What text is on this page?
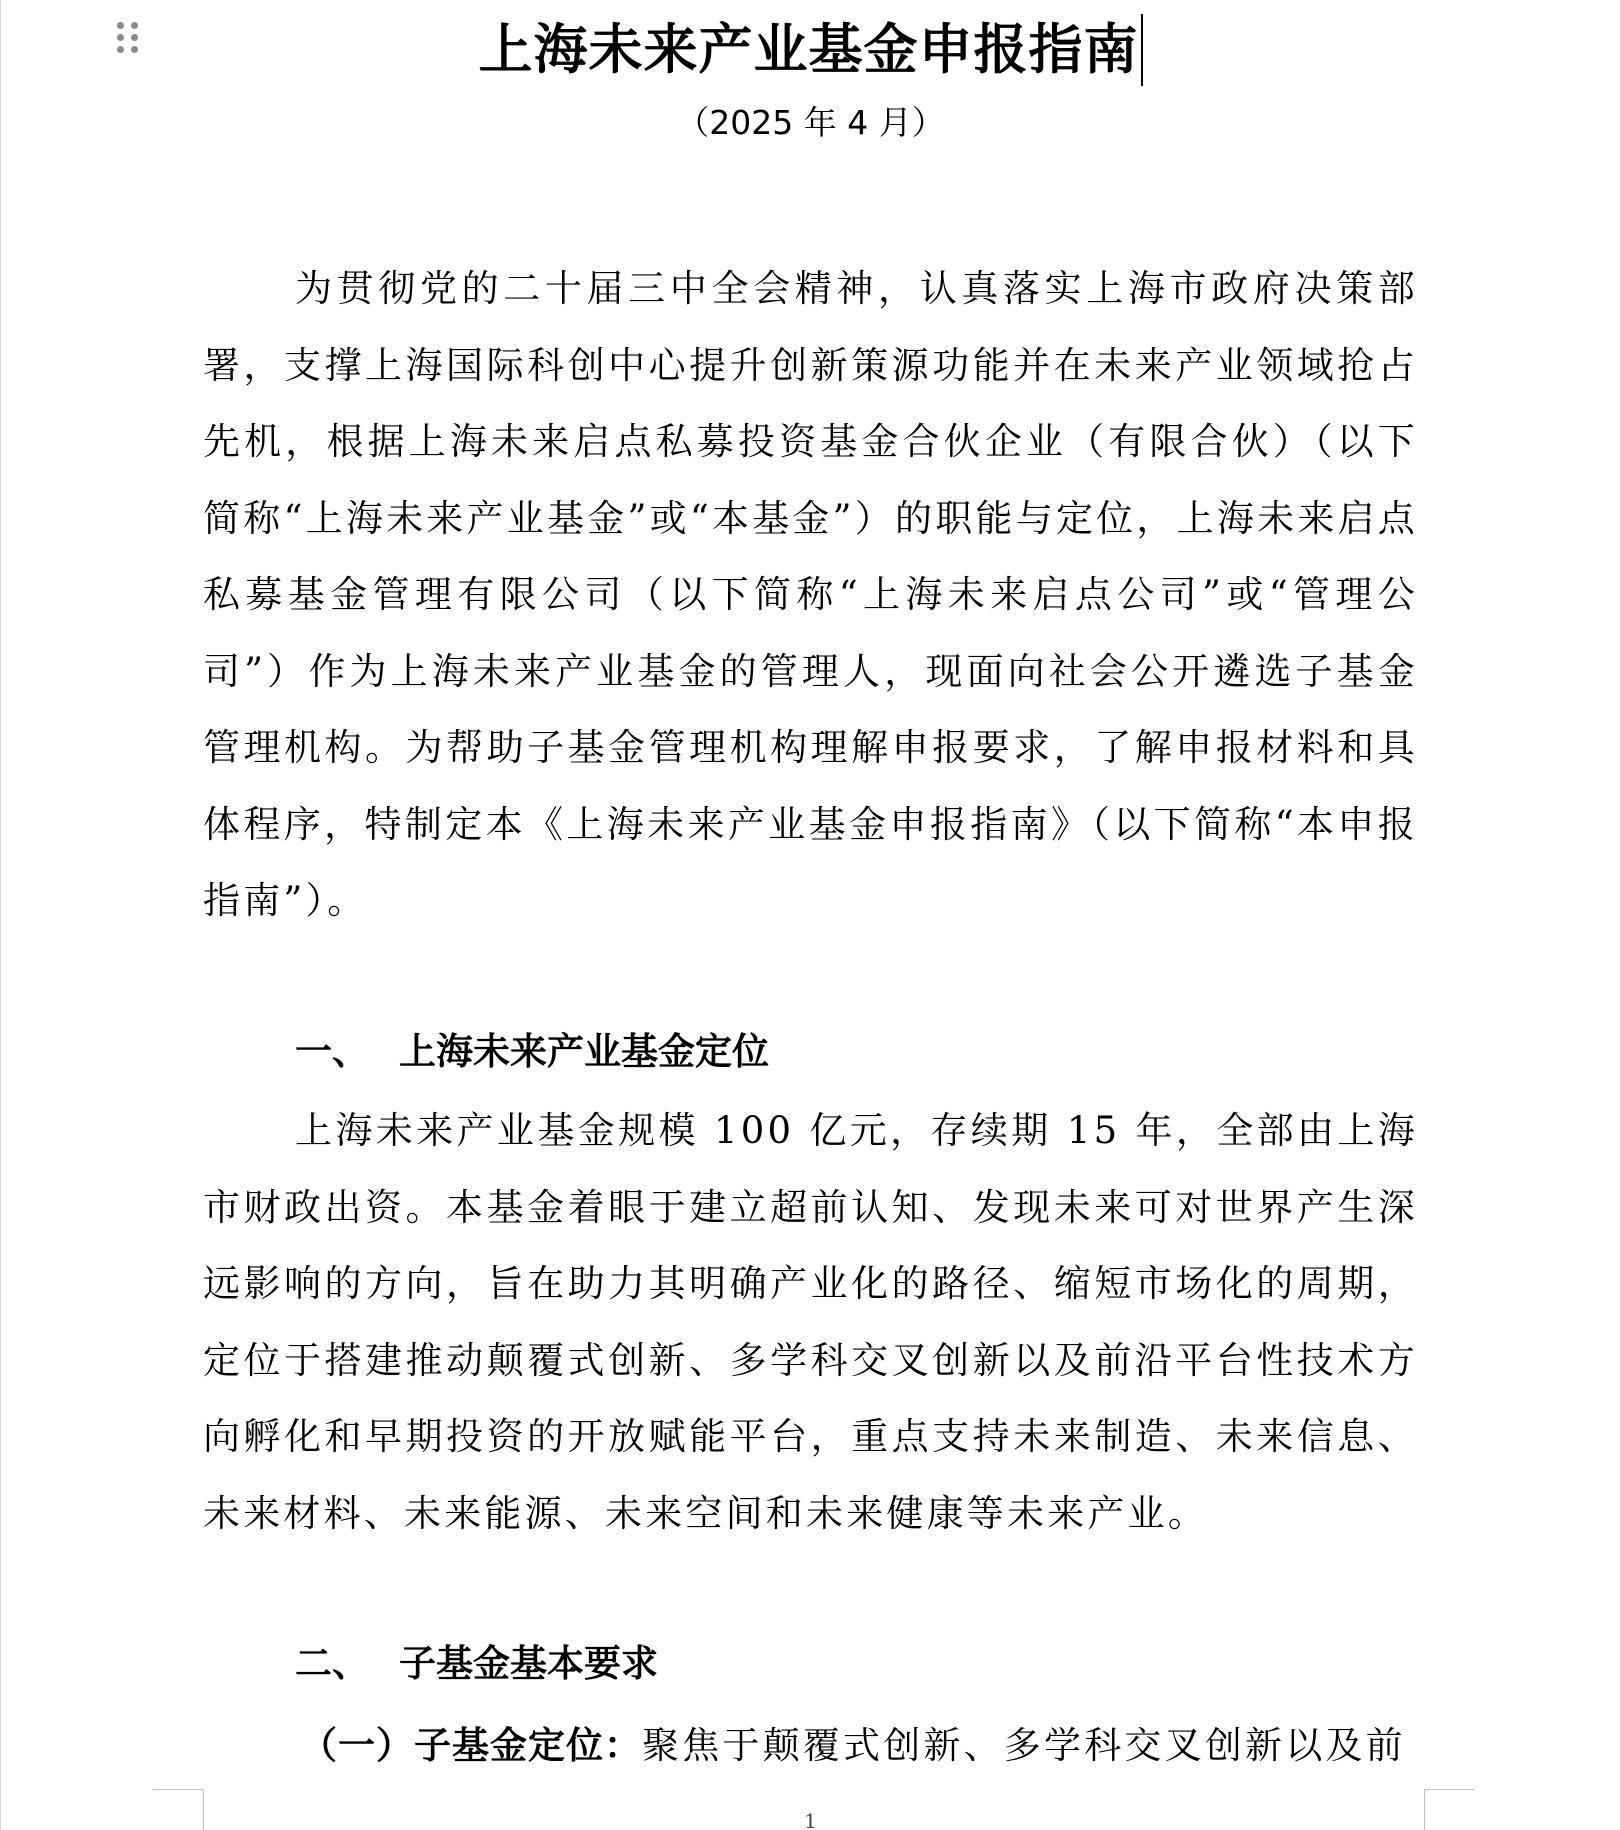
上海未来产业基金申报指南
（2025 年 4 月）

为贯彻党的二十届三中全会精神，认真落实上海市政府决策部署，支撑上海国际科创中心提升创新策源功能并在未来产业领域抢占先机，根据上海未来启点私募投资基金合伙企业（有限合伙）（以下简称“上海未来产业基金”或“本基金”）的职能与定位，上海未来启点私募基金管理有限公司（以下简称“上海未来启点公司”或“管理公司”）作为上海未来产业基金的管理人，现面向社会公开遴选子基金管理机构。为帮助子基金管理机构理解申报要求，了解申报材料和具体程序，特制定本《上海未来产业基金申报指南》（以下简称“本申报指南”）。

一、 上海未来产业基金定位

上海未来产业基金规模 100 亿元，存续期 15 年，全部由上海市财政出资。本基金着眼于建立超前认知、发现未来可对世界产生深远影响的方向，旨在助力其明确产业化的路径、缩短市场化的周期，定位于搭建推动颠覆式创新、多学科交叉创新以及前沿平台性技术方向孵化和早期投资的开放赋能平台，重点支持未来制造、未来信息、未来材料、未来能源、未来空间和未来健康等未来产业。

二、 子基金基本要求
（一）子基金定位：聚焦于颠覆式创新、多学科交叉创新以及前
1
